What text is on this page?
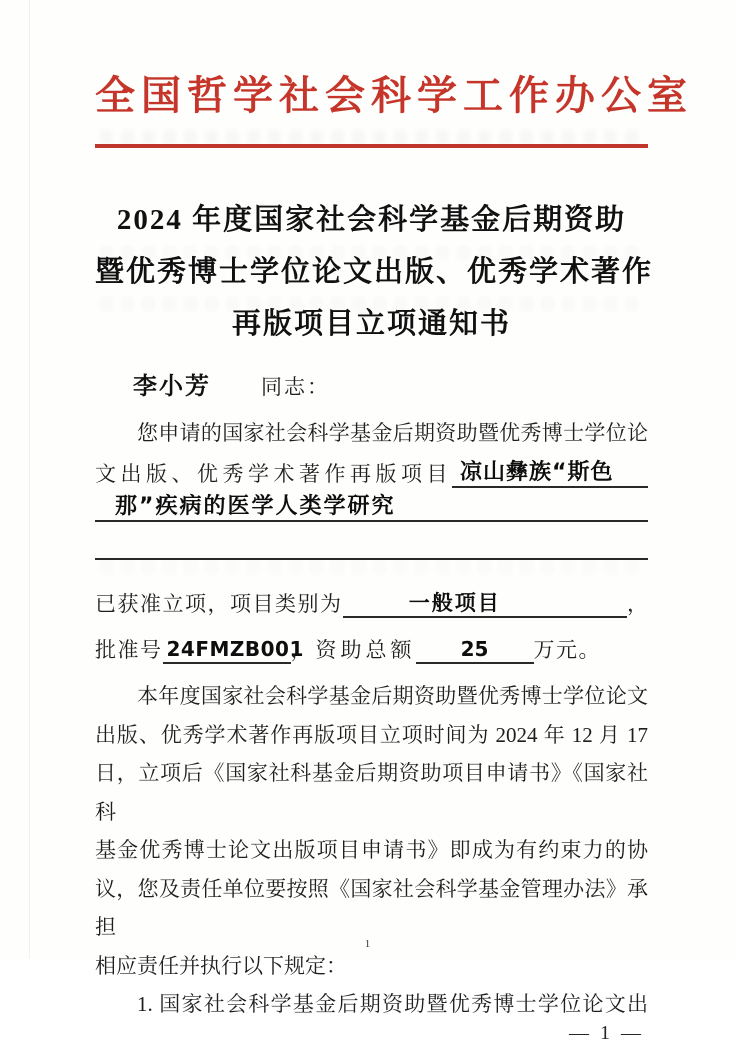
全国哲学社会科学工作办公室
2024 年度国家社会科学基金后期资助
暨优秀博士学位论文出版、优秀学术著作
再版项目立项通知书
李小芳 同志：
您申请的国家社会科学基金后期资助暨优秀博士学位论
文出版、优秀学术著作再版项目 凉山彝族“斯色
那”疾病的医学人类学研究
已获准立项，项目类别为	一般项目	，
批准号 24FMZB001
，资助总额 25 万元。
本年度国家社会科学基金后期资助暨优秀博士学位论文
出版、优秀学术著作再版项目立项时间为 2024 年 12 月 17
日，立项后《国家社科基金后期资助项目申请书》《国家社科
基金优秀博士论文出版项目申请书》即成为有约束力的协
议，您及责任单位要按照《国家社会科学基金管理办法》承担
相应责任并执行以下规定：
1. 国家社会科学基金后期资助暨优秀博士学位论文出
— 1 —
1
